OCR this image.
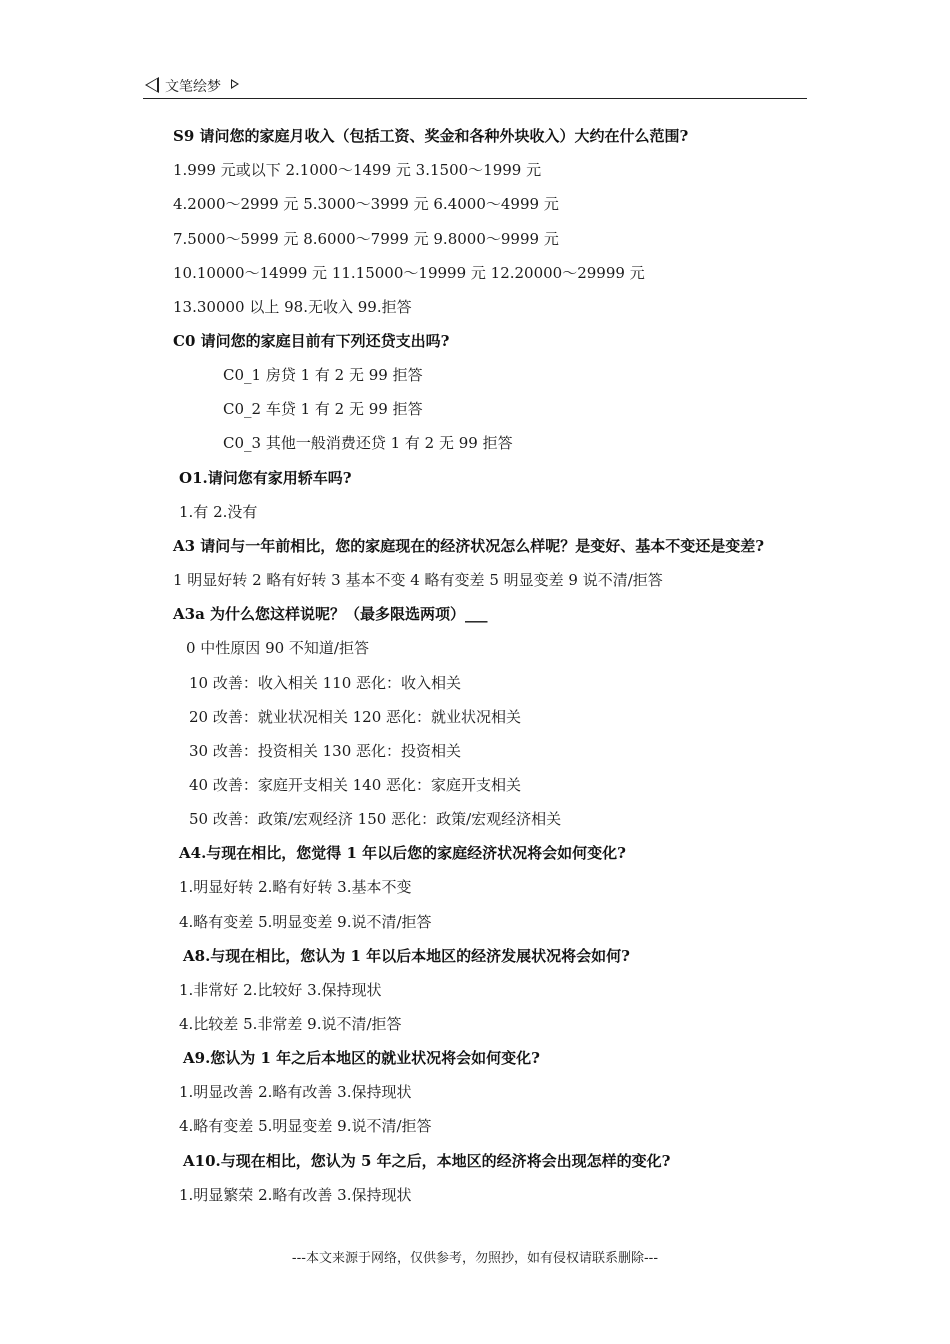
文笔绘梦
S9 请问您的家庭月收入（包括工资、奖金和各种外块收入）大约在什么范围?
1.999 元或以下 2.1000～1499 元 3.1500～1999 元
4.2000～2999 元 5.3000～3999 元 6.4000～4999 元
7.5000～5999 元 8.6000～7999 元 9.8000～9999 元
10.10000～14999 元 11.15000～19999 元 12.20000～29999 元
13.30000 以上 98.无收入 99.拒答
C0 请问您的家庭目前有下列还贷支出吗?
C0_1 房贷 1 有 2 无 99 拒答
C0_2 车贷 1 有 2 无 99 拒答
C0_3 其他一般消费还贷 1 有 2 无 99 拒答
O1.请问您有家用轿车吗?
1.有 2.没有
A3 请问与一年前相比，您的家庭现在的经济状况怎么样呢？是变好、基本不变还是变差?
1 明显好转 2 略有好转 3 基本不变 4 略有变差 5 明显变差 9 说不清/拒答
A3a 为什么您这样说呢？（最多限选两项）___
0 中性原因 90 不知道/拒答
10 改善：收入相关 110 恶化：收入相关
20 改善：就业状况相关 120 恶化：就业状况相关
30 改善：投资相关 130 恶化：投资相关
40 改善：家庭开支相关 140 恶化：家庭开支相关
50 改善：政策/宏观经济 150 恶化：政策/宏观经济相关
A4.与现在相比，您觉得 1 年以后您的家庭经济状况将会如何变化?
1.明显好转 2.略有好转 3.基本不变
4.略有变差 5.明显变差 9.说不清/拒答
A8.与现在相比，您认为 1 年以后本地区的经济发展状况将会如何?
1.非常好 2.比较好 3.保持现状
4.比较差 5.非常差 9.说不清/拒答
A9.您认为 1 年之后本地区的就业状况将会如何变化?
1.明显改善 2.略有改善 3.保持现状
4.略有变差 5.明显变差 9.说不清/拒答
A10.与现在相比，您认为 5 年之后，本地区的经济将会出现怎样的变化?
1.明显繁荣 2.略有改善 3.保持现状
---本文来源于网络，仅供参考，勿照抄，如有侵权请联系删除---
